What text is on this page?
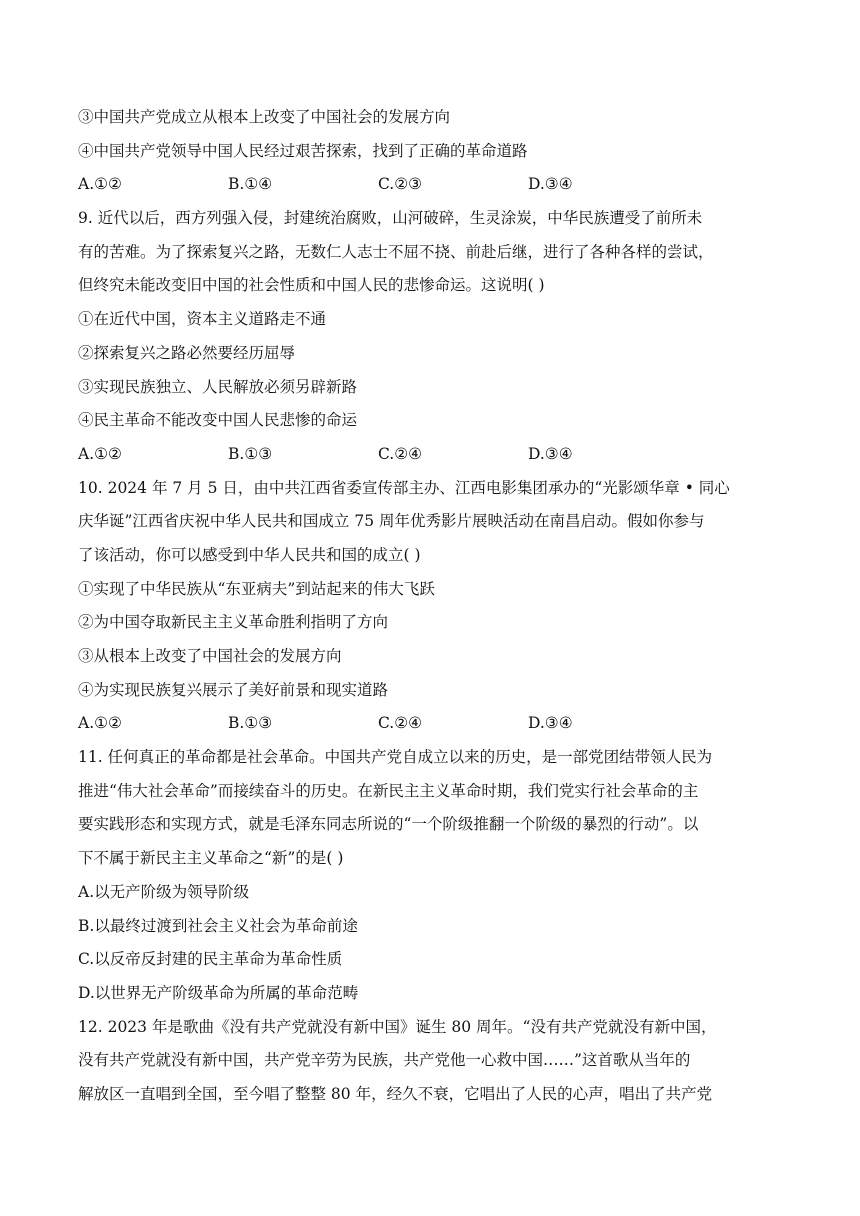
③中国共产党成立从根本上改变了中国社会的发展方向
④中国共产党领导中国人民经过艰苦探索，找到了正确的革命道路
A.①②	B.①④	C.②③	D.③④
9. 近代以后，西方列强入侵，封建统治腐败，山河破碎，生灵涂炭，中华民族遭受了前所未
有的苦难。为了探索复兴之路，无数仁人志士不屈不挠、前赴后继，进行了各种各样的尝试，
但终究未能改变旧中国的社会性质和中国人民的悲惨命运。这说明( )
①在近代中国，资本主义道路走不通
②探索复兴之路必然要经历屈辱
③实现民族独立、人民解放必须另辟新路
④民主革命不能改变中国人民悲惨的命运
A.①②	B.①③	C.②④	D.③④
10. 2024 年 7 月 5 日，由中共江西省委宣传部主办、江西电影集团承办的“光影颂华章 • 同心
庆华诞”江西省庆祝中华人民共和国成立 75 周年优秀影片展映活动在南昌启动。假如你参与
了该活动，你可以感受到中华人民共和国的成立( )
①实现了中华民族从“东亚病夫”到站起来的伟大飞跃
②为中国夺取新民主主义革命胜利指明了方向
③从根本上改变了中国社会的发展方向
④为实现民族复兴展示了美好前景和现实道路
A.①②	B.①③	C.②④	D.③④
11. 任何真正的革命都是社会革命。中国共产党自成立以来的历史，是一部党团结带领人民为
推进“伟大社会革命”而接续奋斗的历史。在新民主主义革命时期，我们党实行社会革命的主
要实践形态和实现方式，就是毛泽东同志所说的“一个阶级推翻一个阶级的暴烈的行动”。以
下不属于新民主主义革命之“新”的是( )
A.以无产阶级为领导阶级
B.以最终过渡到社会主义社会为革命前途
C.以反帝反封建的民主革命为革命性质
D.以世界无产阶级革命为所属的革命范畴
12. 2023 年是歌曲《没有共产党就没有新中国》诞生 80 周年。“没有共产党就没有新中国，
没有共产党就没有新中国，共产党辛劳为民族，共产党他一心救中国……”这首歌从当年的
解放区一直唱到全国，至今唱了整整 80 年，经久不衰，它唱出了人民的心声，唱出了共产党
